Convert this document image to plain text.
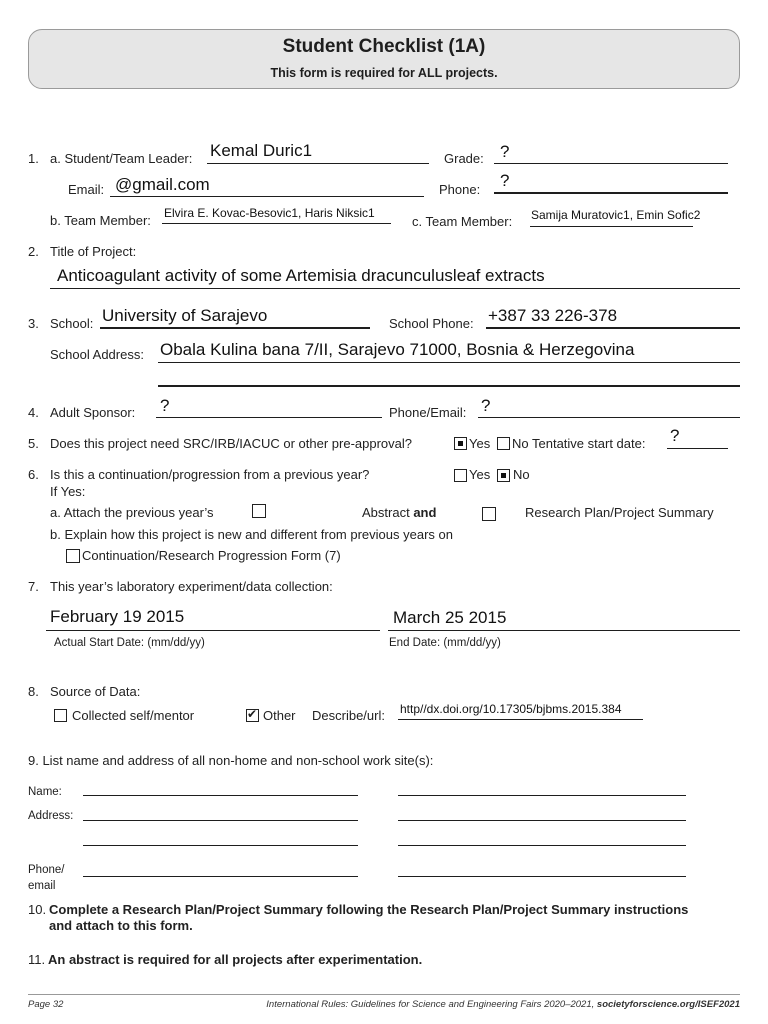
Student Checklist (1A)
This form is required for ALL projects.
1. a. Student/Team Leader: Kemal Duric1	Grade: ?
Email: @gmail.com	Phone: ?
b. Team Member: Elvira E. Kovac-Besovic1, Haris Niksic1
c. Team Member: Samija Muratovic1, Emin Sofic2
2. Title of Project:
Anticoagulant activity of some Artemisia dracunculusleaf extracts
3. School: University of Sarajevo	School Phone: +387 33 226-378
School Address: Obala Kulina bana 7/II, Sarajevo 71000, Bosnia & Herzegovina
4. Adult Sponsor: ?	Phone/Email: ?
5. Does this project need SRC/IRB/IACUC or other pre-approval?	Yes No Tentative start date: ?
6. Is this a continuation/progression from a previous year?	Yes No
If Yes:
a. Attach the previous year’s	Abstract and	Research Plan/Project Summary
b. Explain how this project is new and different from previous years on
Continuation/Research Progression Form (7)
7. This year’s laboratory experiment/data collection:
February 19 2015
Actual Start Date: (mm/dd/yy)
March 25 2015
End Date: (mm/dd/yy)
8. Source of Data:
Collected self/mentor	✔ Other Describe/url: http//dx.doi.org/10.17305/bjbms.2015.384
9. List name and address of all non-home and non-school work site(s):
Name:
Address:
Phone/
email
10. Complete a Research Plan/Project Summary following the Research Plan/Project Summary instructions
and attach to this form.
11. An abstract is required for all projects after experimentation.
Page 32	International Rules: Guidelines for Science and Engineering Fairs 2020–2021, societyforscience.org/ISEF2021
